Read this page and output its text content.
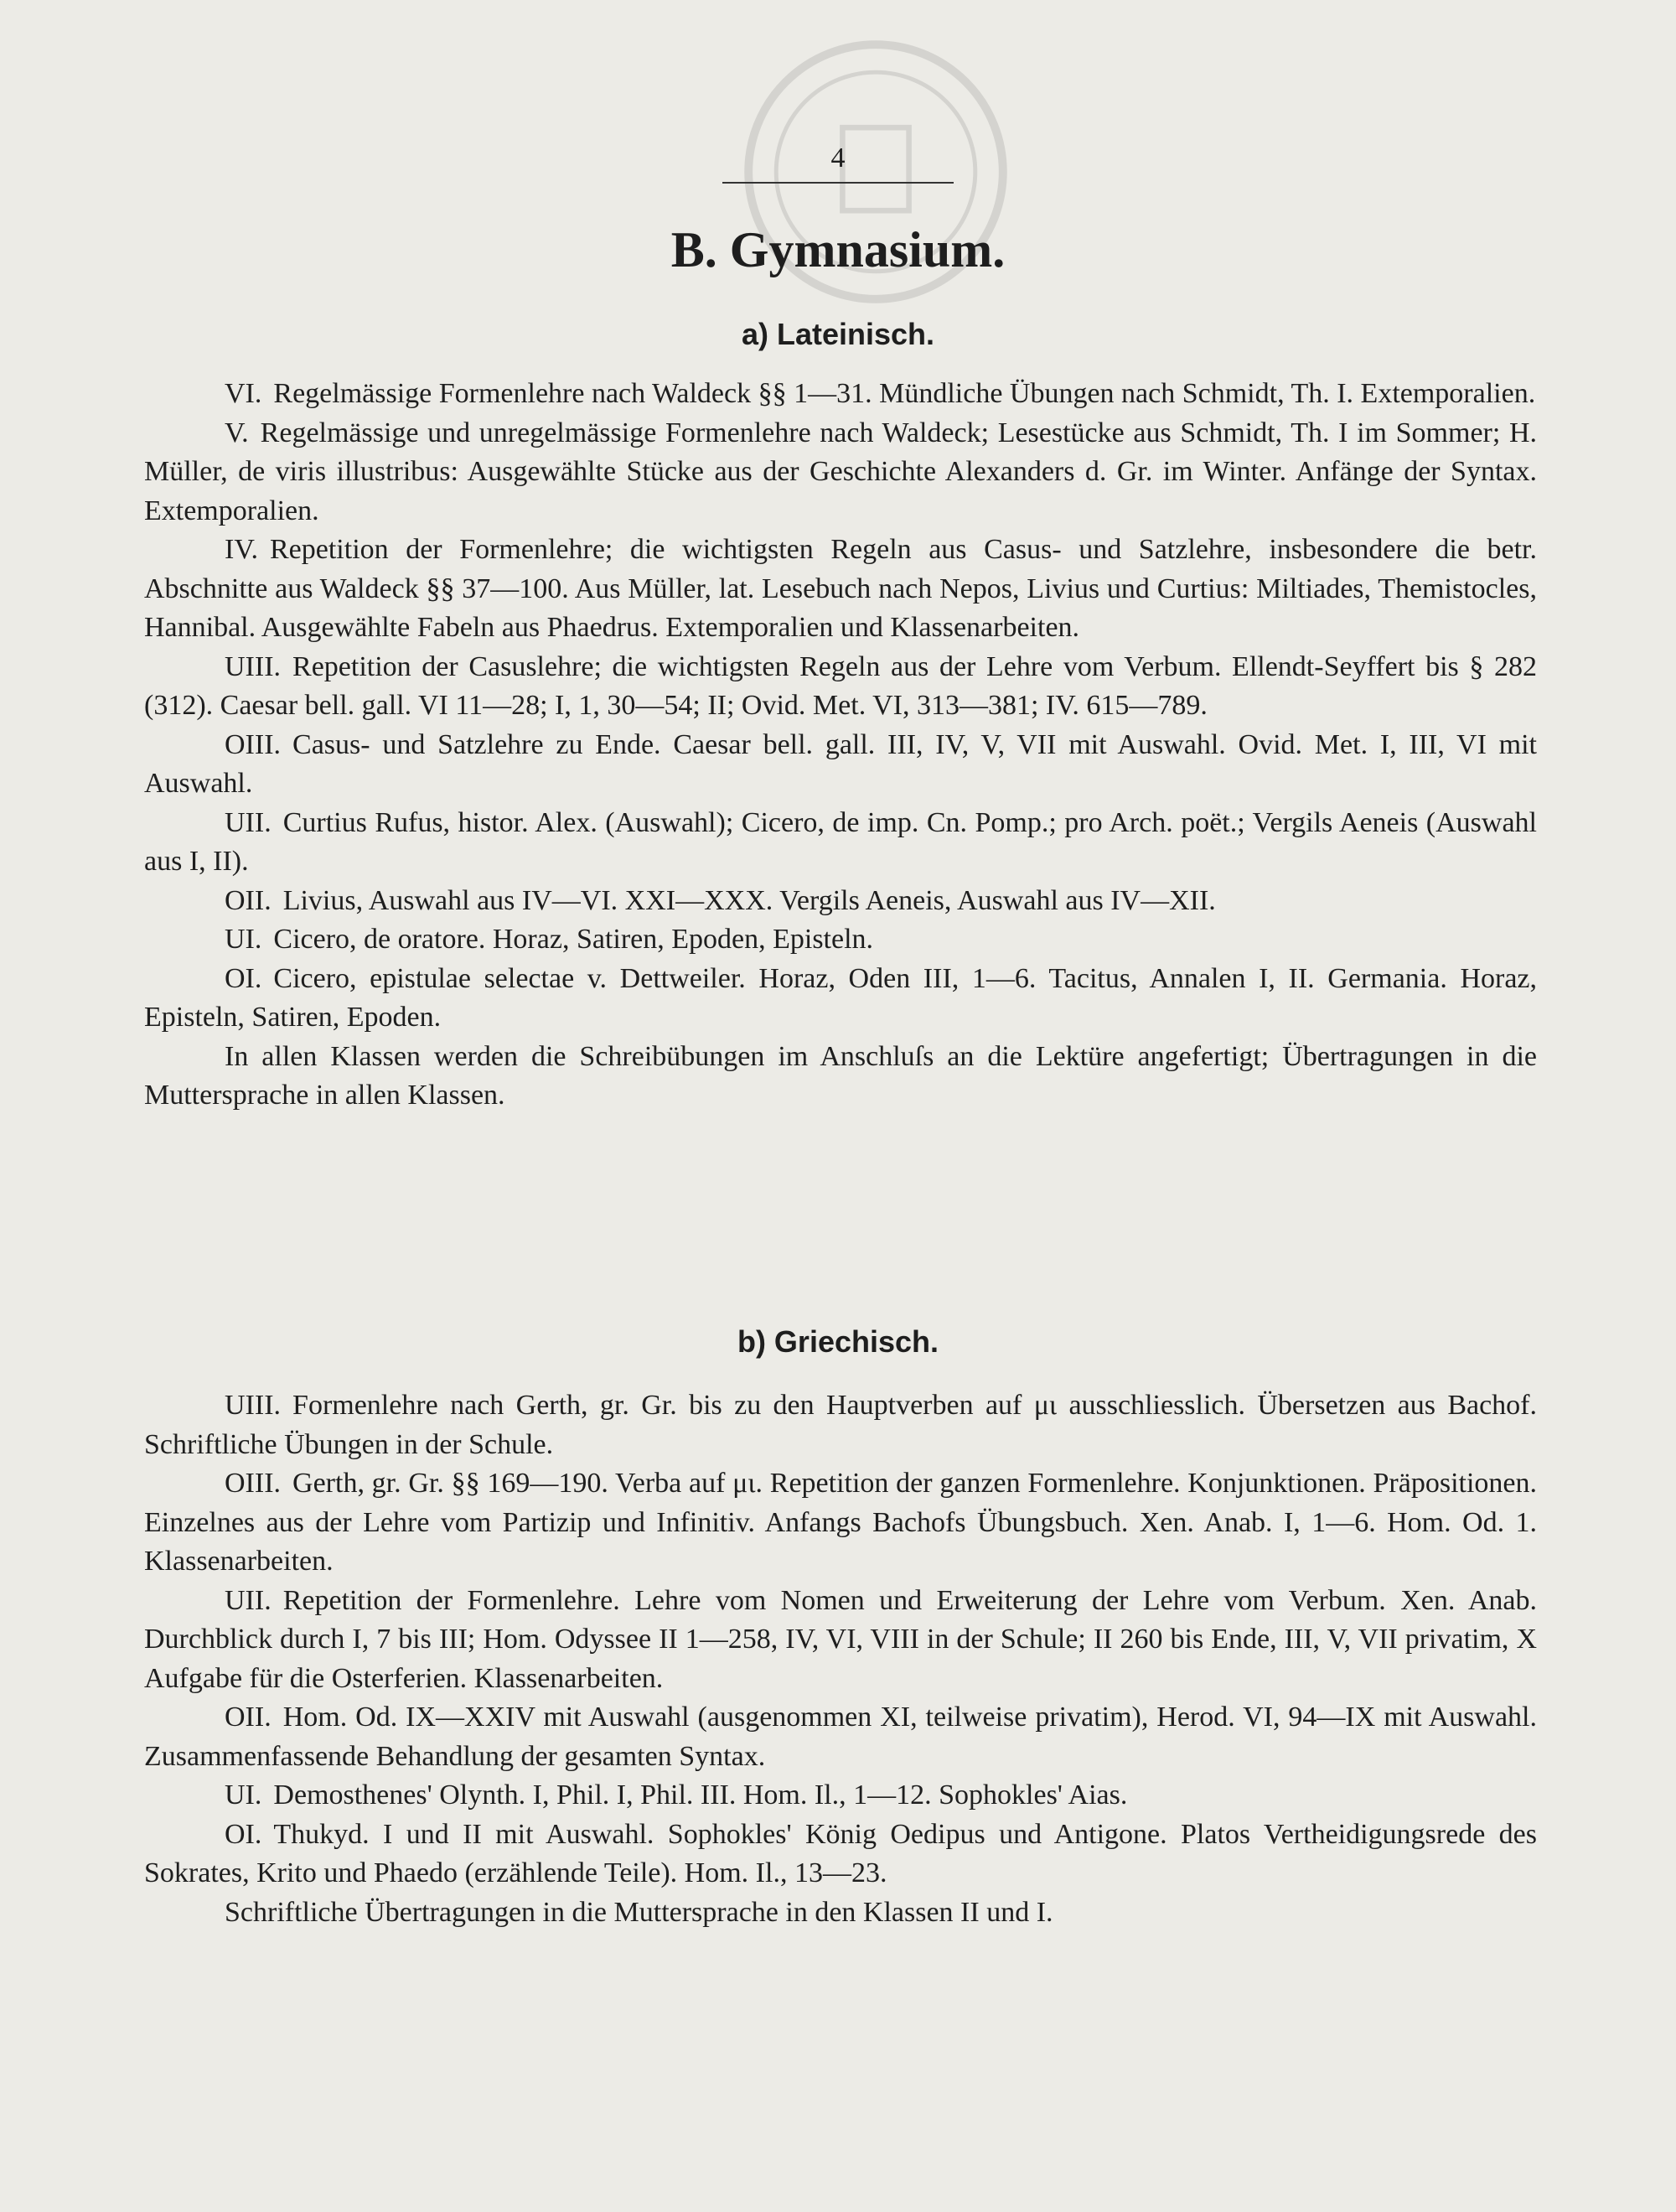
4
B. Gymnasium.
a) Lateinisch.

VI. Regelmässige Formenlehre nach Waldeck §§ 1—31. Mündliche Übungen nach Schmidt, Th. I. Extemporalien.

V. Regelmässige und unregelmässige Formenlehre nach Waldeck; Lesestücke aus Schmidt, Th. I im Sommer; H. Müller, de viris illustribus: Ausgewählte Stücke aus der Geschichte Alexanders d. Gr. im Winter. Anfänge der Syntax. Extemporalien.

IV. Repetition der Formenlehre; die wichtigsten Regeln aus Casus- und Satzlehre, insbesondere die betr. Abschnitte aus Waldeck §§ 37—100. Aus Müller, lat. Lesebuch nach Nepos, Livius und Curtius: Miltiades, Themistocles, Hannibal. Ausgewählte Fabeln aus Phaedrus. Extemporalien und Klassenarbeiten.

UIII. Repetition der Casuslehre; die wichtigsten Regeln aus der Lehre vom Verbum. Ellendt-Seyffert bis § 282 (312). Caesar bell. gall. VI 11—28; I, 1, 30—54; II; Ovid. Met. VI, 313—381; IV. 615—789.

OIII. Casus- und Satzlehre zu Ende. Caesar bell. gall. III, IV, V, VII mit Auswahl. Ovid. Met. I, III, VI mit Auswahl.

UII. Curtius Rufus, histor. Alex. (Auswahl); Cicero, de imp. Cn. Pomp.; pro Arch. poët.; Vergils Aeneis (Auswahl aus I, II).

OII. Livius, Auswahl aus IV—VI. XXI—XXX. Vergils Aeneis, Auswahl aus IV—XII.

UI. Cicero, de oratore. Horaz, Satiren, Epoden, Episteln.

OI. Cicero, epistulae selectae v. Dettweiler. Horaz, Oden III, 1—6. Tacitus, Annalen I, II. Germania. Horaz, Episteln, Satiren, Epoden.

In allen Klassen werden die Schreibübungen im Anschluſs an die Lektüre angefertigt; Übertragungen in die Muttersprache in allen Klassen.

b) Griechisch.

UIII. Formenlehre nach Gerth, gr. Gr. bis zu den Hauptverben auf μι ausschliesslich. Übersetzen aus Bachof. Schriftliche Übungen in der Schule.

OIII. Gerth, gr. Gr. §§ 169—190. Verba auf μι. Repetition der ganzen Formenlehre. Konjunktionen. Präpositionen. Einzelnes aus der Lehre vom Partizip und Infinitiv. Anfangs Bachofs Übungsbuch. Xen. Anab. I, 1—6. Hom. Od. 1. Klassenarbeiten.

UII. Repetition der Formenlehre. Lehre vom Nomen und Erweiterung der Lehre vom Verbum. Xen. Anab. Durchblick durch I, 7 bis III; Hom. Odyssee II 1—258, IV, VI, VIII in der Schule; II 260 bis Ende, III, V, VII privatim, X Aufgabe für die Osterferien. Klassenarbeiten.

OII. Hom. Od. IX—XXIV mit Auswahl (ausgenommen XI, teilweise privatim), Herod. VI, 94—IX mit Auswahl. Zusammenfassende Behandlung der gesamten Syntax.

UI. Demosthenes' Olynth. I, Phil. I, Phil. III. Hom. Il., 1—12. Sophokles' Aias.

OI. Thukyd. I und II mit Auswahl. Sophokles' König Oedipus und Antigone. Platos Vertheidigungsrede des Sokrates, Krito und Phaedo (erzählende Teile). Hom. Il., 13—23.

Schriftliche Übertragungen in die Muttersprache in den Klassen II und I.
